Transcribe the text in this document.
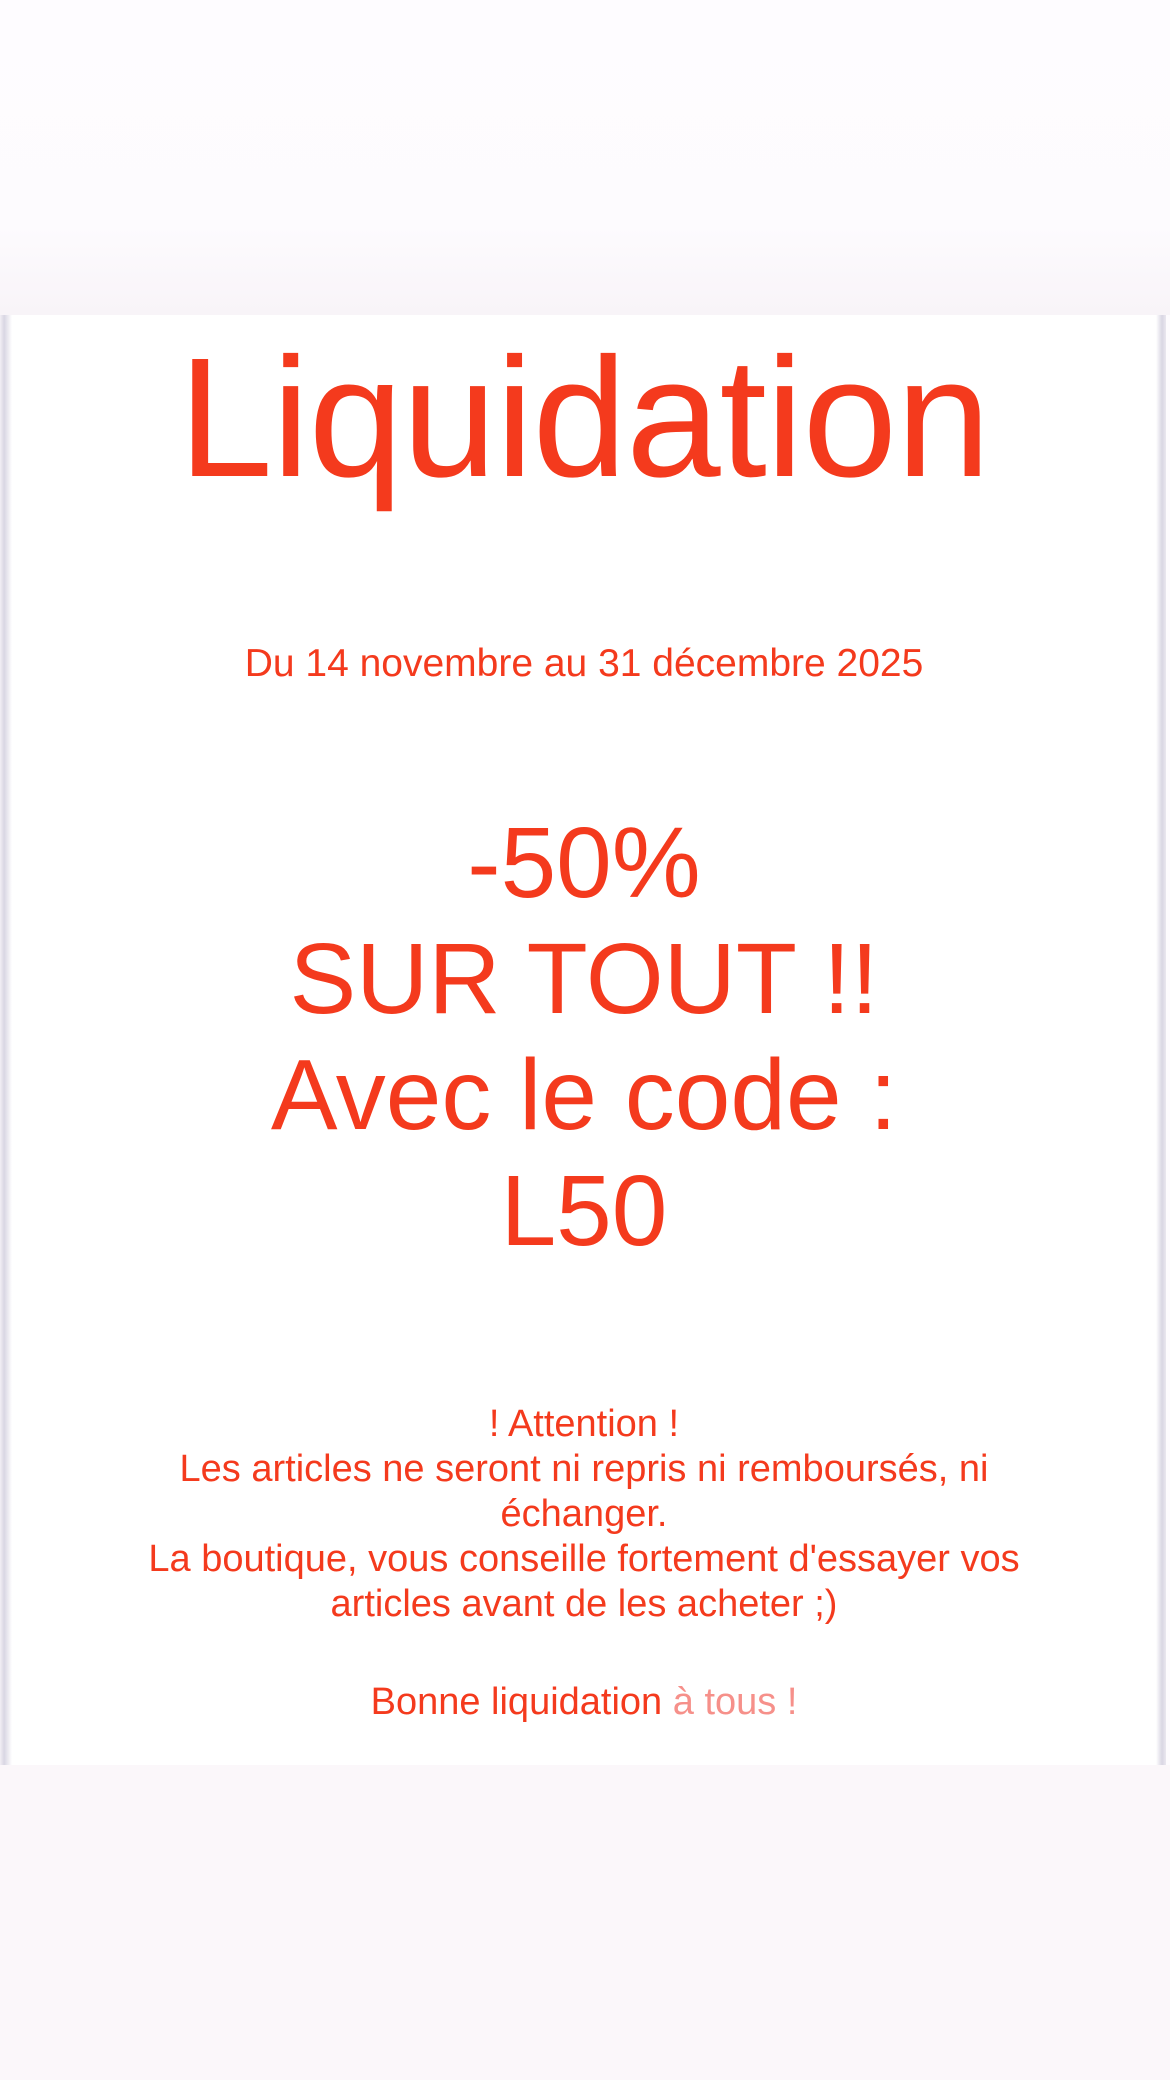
Liquidation
Du 14 novembre au 31 décembre 2025
-50%
SUR TOUT !!
Avec le code :
L50
! Attention !
Les articles ne seront ni repris ni remboursés, ni
échanger.
La boutique, vous conseille fortement d'essayer vos
articles avant de les acheter ;)
Bonne liquidation à tous !
